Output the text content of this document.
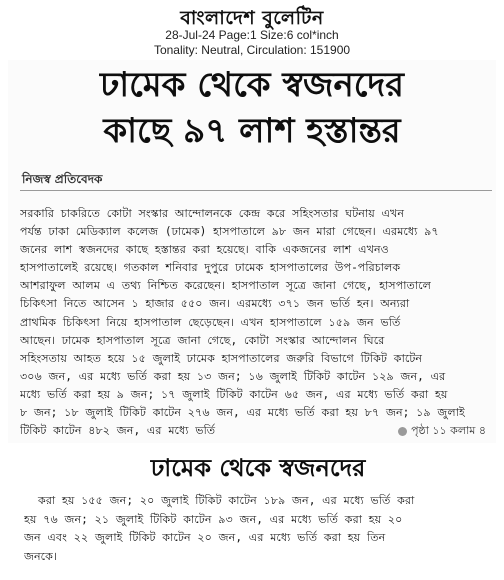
বাংলাদেশ বুলেটিন
28-Jul-24 Page:1 Size:6 col*inch
Tonality: Neutral, Circulation: 151900
ঢামেক থেকে স্বজনদের
কাছে ৯৭ লাশ হস্তান্তর
নিজস্ব প্রতিবেদক
সরকারি চাকরিতে কোটা সংস্কার আন্দোলনকে কেন্দ্র করে সহিংসতার ঘটনায় এখন
পর্যন্ত ঢাকা মেডিক্যাল কলেজ (ঢামেক) হাসপাতালে ৯৮ জন মারা গেছেন। এরমধ্যে ৯৭
জনের লাশ স্বজনদের কাছে হস্তান্তর করা হয়েছে। বাকি একজনের লাশ এখনও
হাসপাতালেই রয়েছে। গতকাল শনিবার দুপুরে ঢামেক হাসপাতালের উপ-পরিচালক
আশরাফুল আলম এ তথ্য নিশ্চিত করেছেন। হাসপাতাল সূত্রে জানা গেছে, হাসপাতালে
চিকিৎসা নিতে আসেন ১ হাজার ৫৫০ জন। এরমধ্যে ৩৭১ জন ভর্তি হন। অন্যরা
প্রাথমিক চিকিৎসা নিয়ে হাসপাতাল ছেড়েছেন। এখন হাসপাতালে ১৫৯ জন ভর্তি
আছেন। ঢামেক হাসপাতাল সূত্রে জানা গেছে, কোটা সংস্কার আন্দোলন ঘিরে
সহিংসতায় আহত হয়ে ১৫ জুলাই ঢামেক হাসপাতালের জরুরি বিভাগে টিকিট কাটেন
৩০৬ জন, এর মধ্যে ভর্তি করা হয় ১৩ জন; ১৬ জুলাই টিকিট কাটেন ১২৯ জন, এর
মধ্যে ভর্তি করা হয় ৯ জন; ১৭ জুলাই টিকিট কাটেন ৬৫ জন, এর মধ্যে ভর্তি করা হয়
৮ জন; ১৮ জুলাই টিকিট কাটেন ২৭৬ জন, এর মধ্যে ভর্তি করা হয় ৮৭ জন; ১৯ জুলাই
টিকিট কাটেন ৪৮২ জন, এর মধ্যে ভর্তি	পৃষ্ঠা ১১ কলাম ৪
ঢামেক থেকে স্বজনদের
করা হয় ১৫৫ জন; ২০ জুলাই টিকিট কাটেন ১৮৯ জন, এর মধ্যে ভর্তি করা
হয় ৭৬ জন; ২১ জুলাই টিকিট কাটেন ৯৩ জন, এর মধ্যে ভর্তি করা হয় ২০
জন এবং ২২ জুলাই টিকিট কাটেন ২০ জন, এর মধ্যে ভর্তি করা হয় তিন
জনকে।
